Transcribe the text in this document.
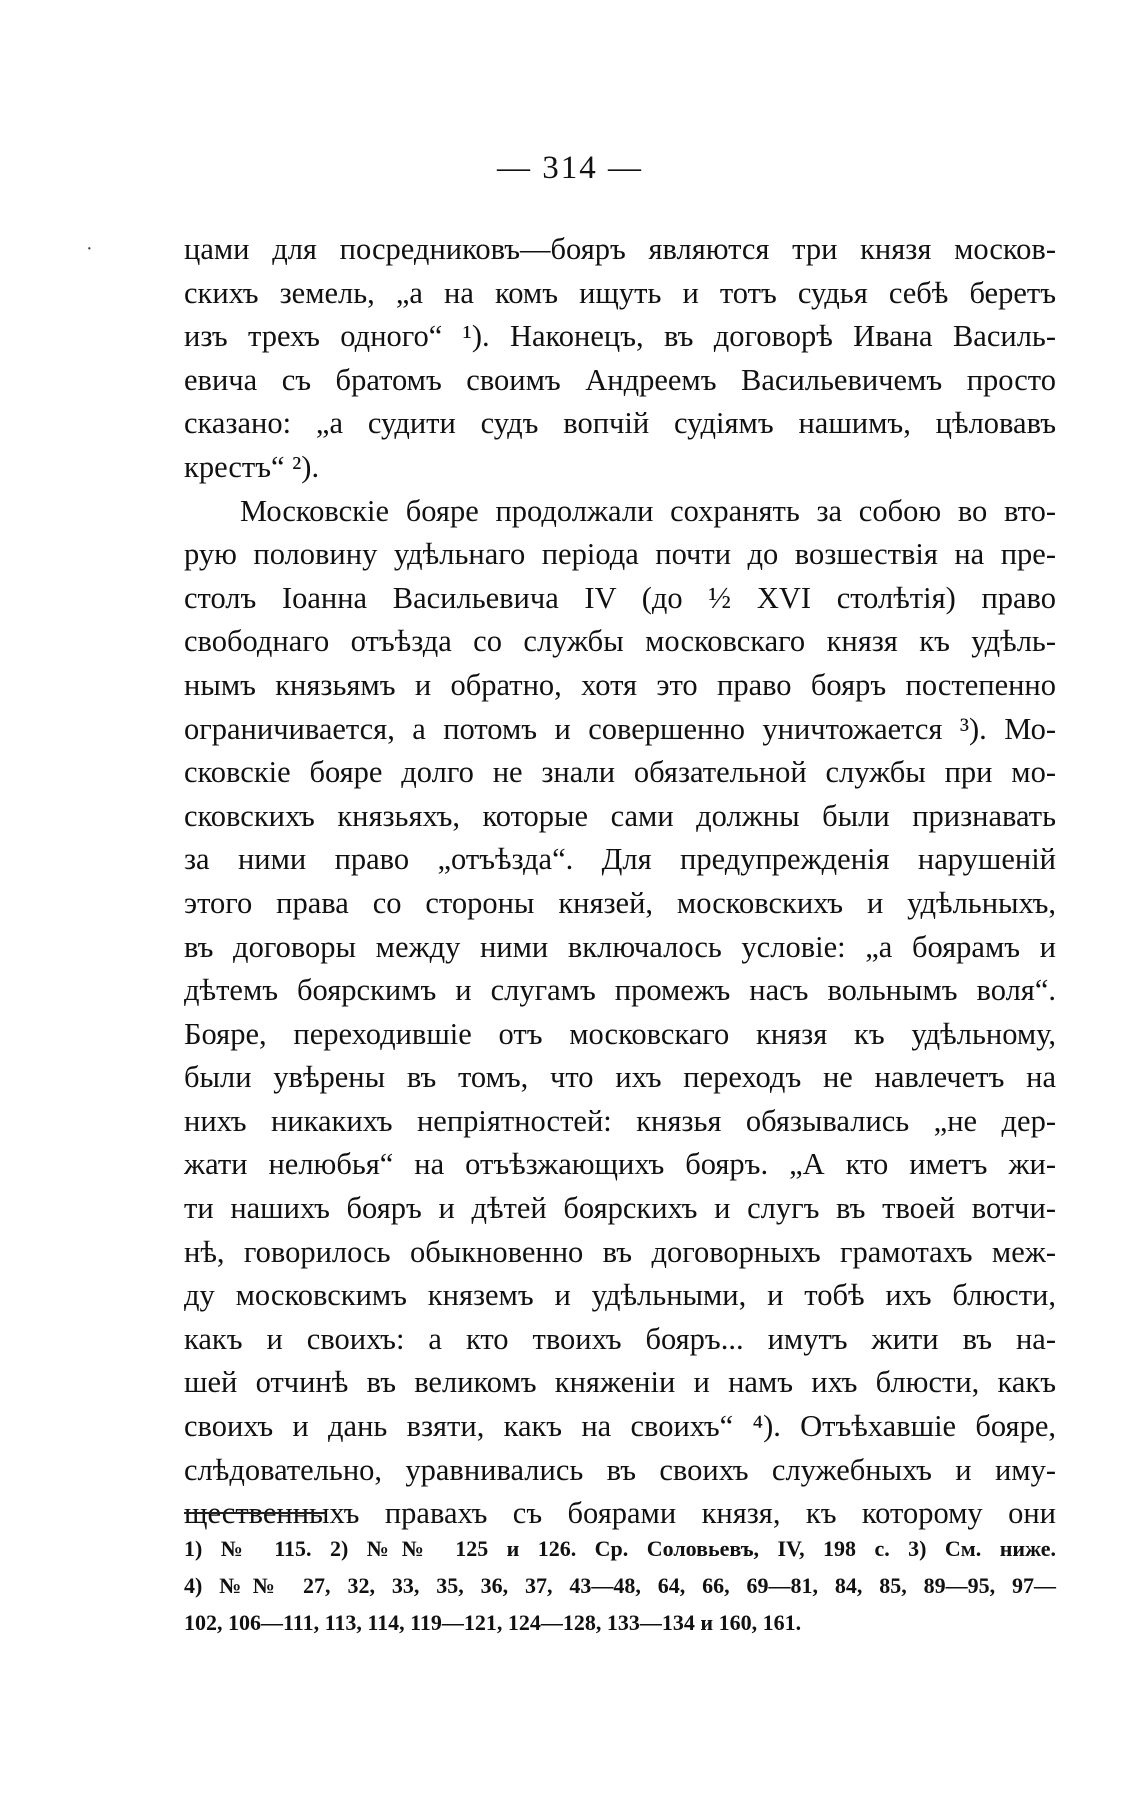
— 314 —
·	цами для посредниковъ—бояръ являются три князя москов-
скихъ земель, „а на комъ ищуть и тотъ судья себѣ беретъ
изъ трехъ одного“ ¹). Наконецъ, въ договорѣ Ивана Василь-
евича съ братомъ своимъ Андреемъ Васильевичемъ просто
сказано: „а судити судъ вопчій судіямъ нашимъ, цѣловавъ
крестъ“ ²).
Московскіе бояре продолжали сохранять за собою во вто-
рую половину удѣльнаго періода почти до возшествія на пре-
столъ Іоанна Васильевича IV (до ½ XVI столѣтія) право
свободнаго отъѣзда со службы московскаго князя къ удѣль-
нымъ князьямъ и обратно, хотя это право бояръ постепенно
ограничивается, а потомъ и совершенно уничтожается ³). Мо-
сковскіе бояре долго не знали обязательной службы при мо-
сковскихъ князьяхъ, которые сами должны были признавать
за ними право „отъѣзда“. Для предупрежденія нарушеній
этого права со стороны князей, московскихъ и удѣльныхъ,
въ договоры между ними включалось условіе: „а боярамъ и
дѣтемъ боярскимъ и слугамъ промежъ насъ вольнымъ воля“.
Бояре, переходившіе отъ московскаго князя къ удѣльному,
были увѣрены въ томъ, что ихъ переходъ не навлечетъ на
нихъ никакихъ непріятностей: князья обязывались „не дер-
жати нелюбья“ на отъѣзжающихъ бояръ. „А кто иметъ жи-
ти нашихъ бояръ и дѣтей боярскихъ и слугъ въ твоей вотчи-
нѣ, говорилось обыкновенно въ договорныхъ грамотахъ меж-
ду московскимъ княземъ и удѣльными, и тобѣ ихъ блюсти,
какъ и своихъ: а кто твоихъ бояръ... имутъ жити въ на-
шей отчинѣ въ великомъ княженіи и намъ ихъ блюсти, какъ
своихъ и дань взяти, какъ на своихъ“ ⁴). Отъѣхавшіе бояре,
слѣдовательно, уравнивались въ своихъ служебныхъ и иму-
щественныхъ правахъ съ боярами князя, къ которому они
1) № 115. 2) №№ 125 и 126. Ср. Соловьевъ, IV, 198 с. 3) См. ниже.
4) №№ 27, 32, 33, 35, 36, 37, 43—48, 64, 66, 69—81, 84, 85, 89—95, 97—
102, 106—111, 113, 114, 119—121, 124—128, 133—134 и 160, 161.
